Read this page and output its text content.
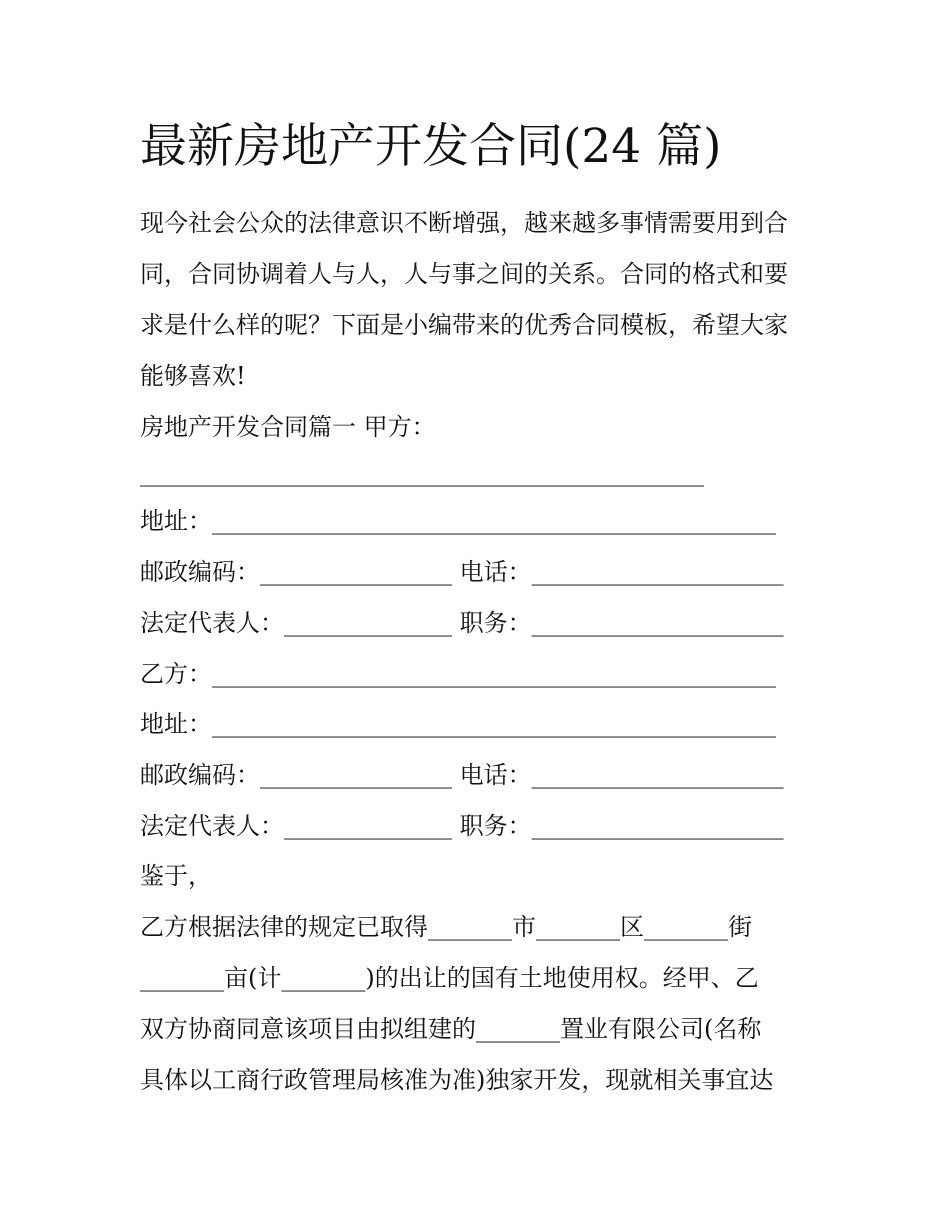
最新房地产开发合同(24 篇)
现今社会公众的法律意识不断增强，越来越多事情需要用到合
同，合同协调着人与人，人与事之间的关系。合同的格式和要
求是什么样的呢？下面是小编带来的优秀合同模板，希望大家
能够喜欢!
房地产开发合同篇一 甲方：
_______________________________________________
地址：_______________________________________________
邮政编码：________________ 电话：_____________________
法定代表人：______________ 职务：_____________________
乙方：_______________________________________________
地址：_______________________________________________
邮政编码：________________ 电话：_____________________
法定代表人：______________ 职务：_____________________
鉴于，
乙方根据法律的规定已取得_______市_______区_______街
_______亩(计_______)的出让的国有土地使用权。经甲、乙
双方协商同意该项目由拟组建的_______置业有限公司(名称
具体以工商行政管理局核准为准)独家开发，现就相关事宜达
